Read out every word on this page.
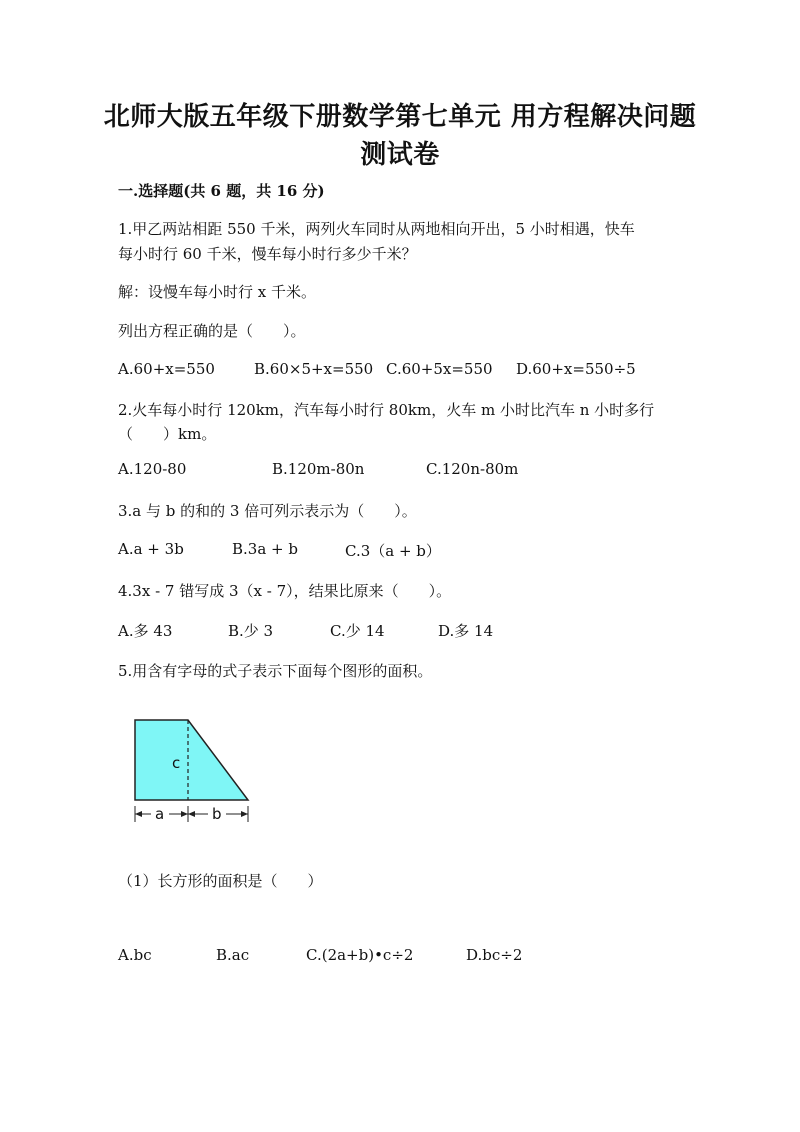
北师大版五年级下册数学第七单元 用方程解决问题
测试卷
一.选择题(共 6 题，共 16 分)
1.甲乙两站相距 550 千米，两列火车同时从两地相向开出，5 小时相遇，快车
每小时行 60 千米，慢车每小时行多少千米？
解：设慢车每小时行 x 千米。
列出方程正确的是（　　）。
A.60+x=550	B.60×5+x=550 C.60+5x=550 D.60+x=550÷5
2.火车每小时行 120km，汽车每小时行 80km，火车 m 小时比汽车 n 小时多行
（　　）km。
A.120-80	B.120m-80n	C.120n-80m
3.a 与 b 的和的 3 倍可列示表示为（　　）。
A.a + 3b	B.3a + b	C.3（a + b）
4.3x - 7 错写成 3（x - 7），结果比原来（　　）。
A.多 43	B.少 3	C.少 14	D.多 14
5.用含有字母的式子表示下面每个图形的面积。
c
a	b
（1）长方形的面积是（　　）
A.bc	B.ac	C.(2a+b)•c÷2	D.bc÷2
